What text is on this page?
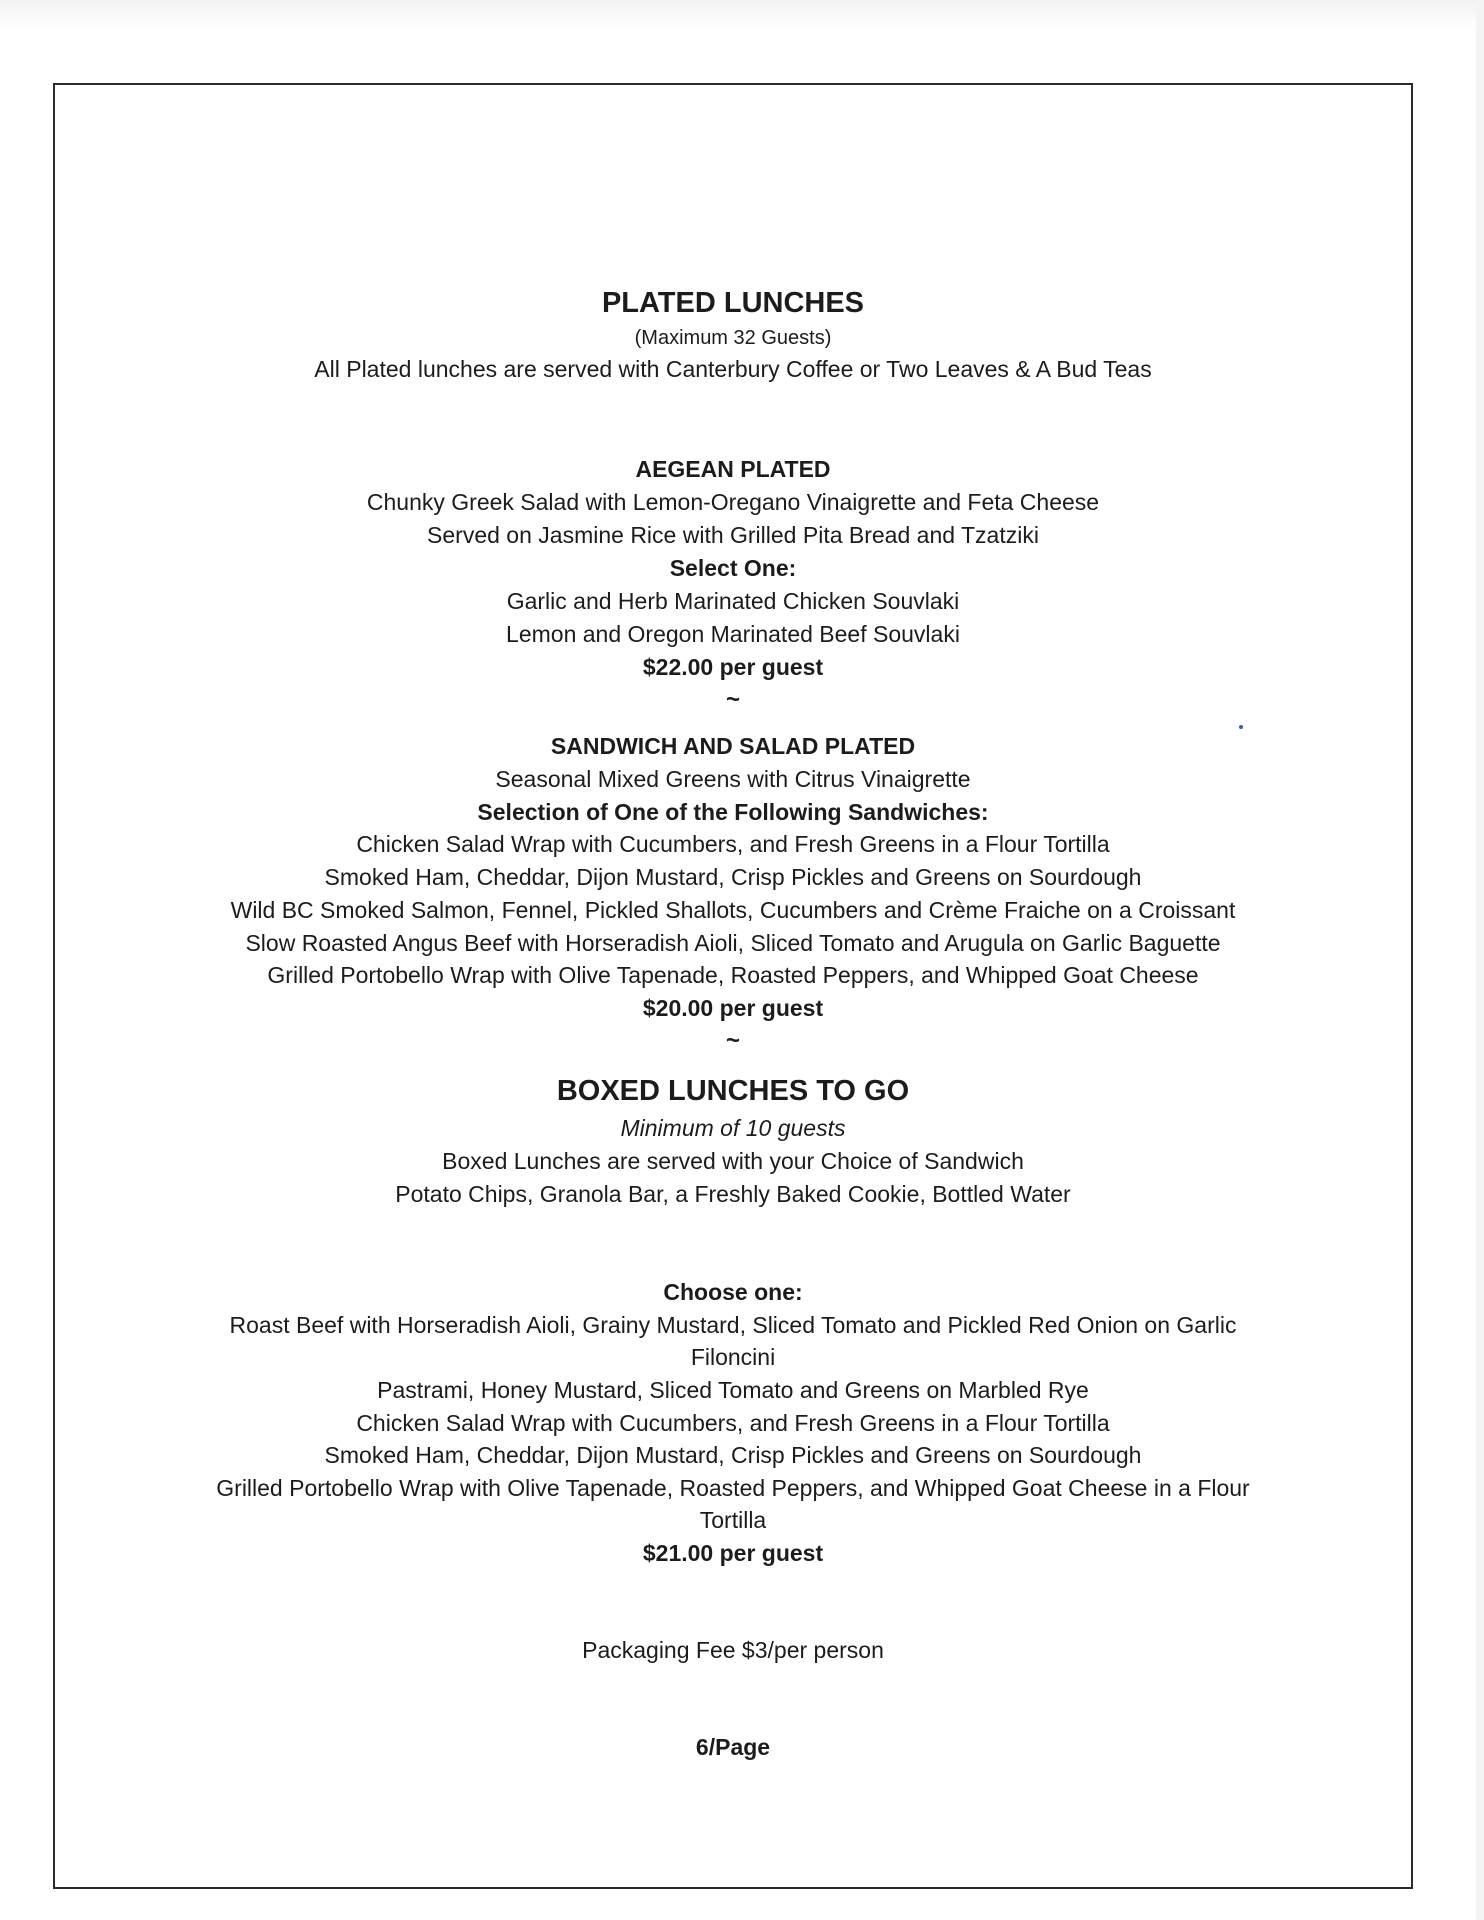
PLATED LUNCHES
(Maximum 32 Guests)
All Plated lunches are served with Canterbury Coffee or Two Leaves & A Bud Teas
AEGEAN PLATED
Chunky Greek Salad with Lemon-Oregano Vinaigrette and Feta Cheese
Served on Jasmine Rice with Grilled Pita Bread and Tzatziki
Select One:
Garlic and Herb Marinated Chicken Souvlaki
Lemon and Oregon Marinated Beef Souvlaki
$22.00 per guest
~
SANDWICH AND SALAD PLATED
Seasonal Mixed Greens with Citrus Vinaigrette
Selection of One of the Following Sandwiches:
Chicken Salad Wrap with Cucumbers, and Fresh Greens in a Flour Tortilla
Smoked Ham, Cheddar, Dijon Mustard, Crisp Pickles and Greens on Sourdough
Wild BC Smoked Salmon, Fennel, Pickled Shallots, Cucumbers and Crème Fraiche on a Croissant
Slow Roasted Angus Beef with Horseradish Aioli, Sliced Tomato and Arugula on Garlic Baguette
Grilled Portobello Wrap with Olive Tapenade, Roasted Peppers, and Whipped Goat Cheese
$20.00 per guest
~
BOXED LUNCHES TO GO
Minimum of 10 guests
Boxed Lunches are served with your Choice of Sandwich
Potato Chips, Granola Bar, a Freshly Baked Cookie, Bottled Water
Choose one:
Roast Beef with Horseradish Aioli, Grainy Mustard, Sliced Tomato and Pickled Red Onion on Garlic
Filoncini
Pastrami, Honey Mustard, Sliced Tomato and Greens on Marbled Rye
Chicken Salad Wrap with Cucumbers, and Fresh Greens in a Flour Tortilla
Smoked Ham, Cheddar, Dijon Mustard, Crisp Pickles and Greens on Sourdough
Grilled Portobello Wrap with Olive Tapenade, Roasted Peppers, and Whipped Goat Cheese in a Flour
Tortilla
$21.00 per guest
Packaging Fee $3/per person
6/Page
